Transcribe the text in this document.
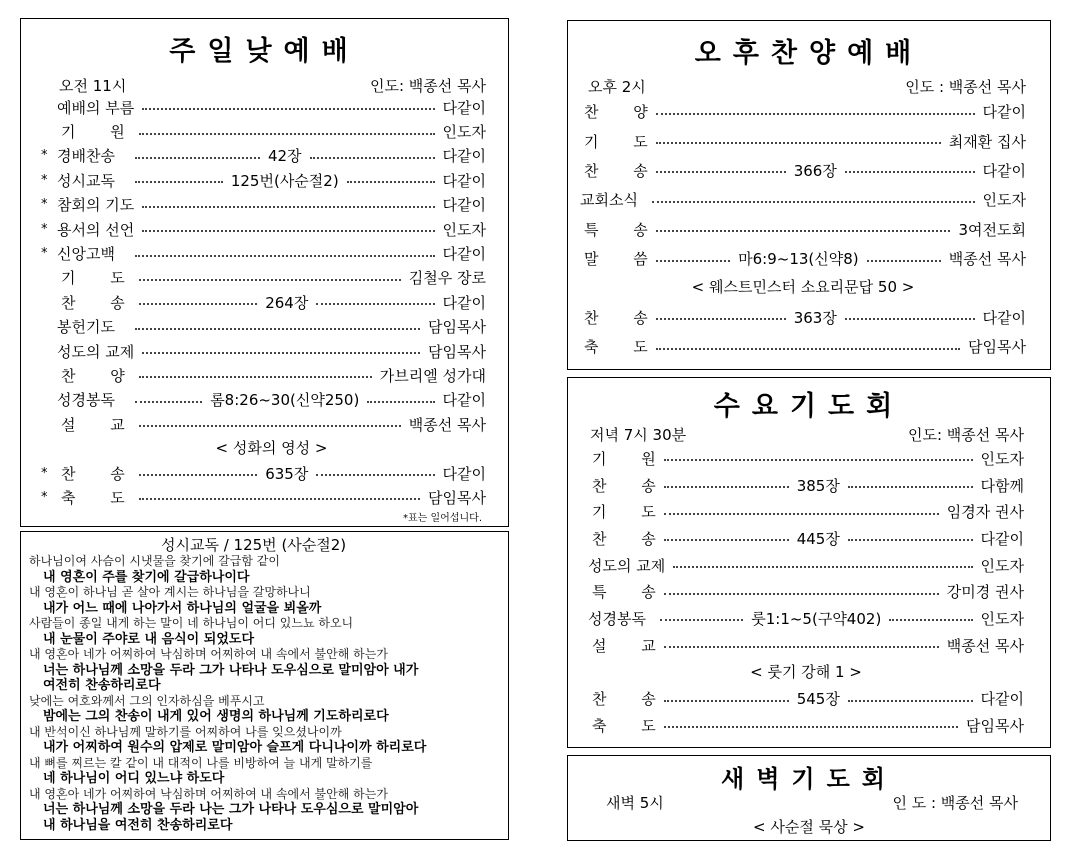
주일낮예배
오전 11시	인도: 백종선 목사
예배의 부름	다같이
기 원	인도자
* 경배찬송	42장	다같이
* 성시교독	125번(사순절2)	다같이
* 참회의 기도	다같이
* 용서의 선언	인도자
* 신앙고백	다같이
기 도	김철우 장로
찬 송	264장	다같이
봉헌기도	담임목사
성도의 교제	담임목사
찬 양	가브리엘 성가대
성경봉독	롬8:26~30(신약250)	다같이
설 교	백종선 목사
< 성화의 영성 >
* 찬 송	635장	다같이
* 축 도	담임목사
*표는 일어섭니다.
성시교독 / 125번 (사순절2)
하나님이여 사슴이 시냇물을 찾기에 갈급함 같이
내 영혼이 주를 찾기에 갈급하나이다
내 영혼이 하나님 곧 살아 계시는 하나님을 갈망하나니
내가 어느 때에 나아가서 하나님의 얼굴을 뵈올까
사람들이 종일 내게 하는 말이 네 하나님이 어디 있느뇨 하오니
내 눈물이 주야로 내 음식이 되었도다
내 영혼아 네가 어찌하여 낙심하며 어찌하여 내 속에서 불안해 하는가
너는 하나님께 소망을 두라 그가 나타나 도우심으로 말미암아 내가
여전히 찬송하리로다
낮에는 여호와께서 그의 인자하심을 베푸시고
밤에는 그의 찬송이 내게 있어 생명의 하나님께 기도하리로다
내 반석이신 하나님께 말하기를 어찌하여 나를 잊으셨나이까
내가 어찌하여 원수의 압제로 말미암아 슬프게 다니나이까 하리로다
내 뼈를 찌르는 칼 같이 내 대적이 나를 비방하여 늘 내게 말하기를
네 하나님이 어디 있느냐 하도다
내 영혼아 네가 어찌하여 낙심하며 어찌하여 내 속에서 불안해 하는가
너는 하나님께 소망을 두라 나는 그가 나타나 도우심으로 말미암아
내 하나님을 여전히 찬송하리로다
오후찬양예배
오후 2시	인도 : 백종선 목사
찬 양	다같이
기 도	최재환 집사
찬 송	366장	다같이
교회소식	인도자
특 송	3여전도회
말 씀	마6:9~13(신약8)	백종선 목사
< 웨스트민스터 소요리문답 50 >
찬 송	363장	다같이
축 도	담임목사
수요기도회
저녁 7시 30분	인도: 백종선 목사
기 원	인도자
찬 송	385장	다함께
기 도	임경자 권사
찬 송	445장	다같이
성도의 교제	인도자
특 송	강미경 권사
성경봉독	룻1:1~5(구약402)	인도자
설 교	백종선 목사
< 룻기 강해 1 >
찬 송	545장	다같이
축 도	담임목사
새벽기도회
새벽 5시	인 도 : 백종선 목사
< 사순절 묵상 >
